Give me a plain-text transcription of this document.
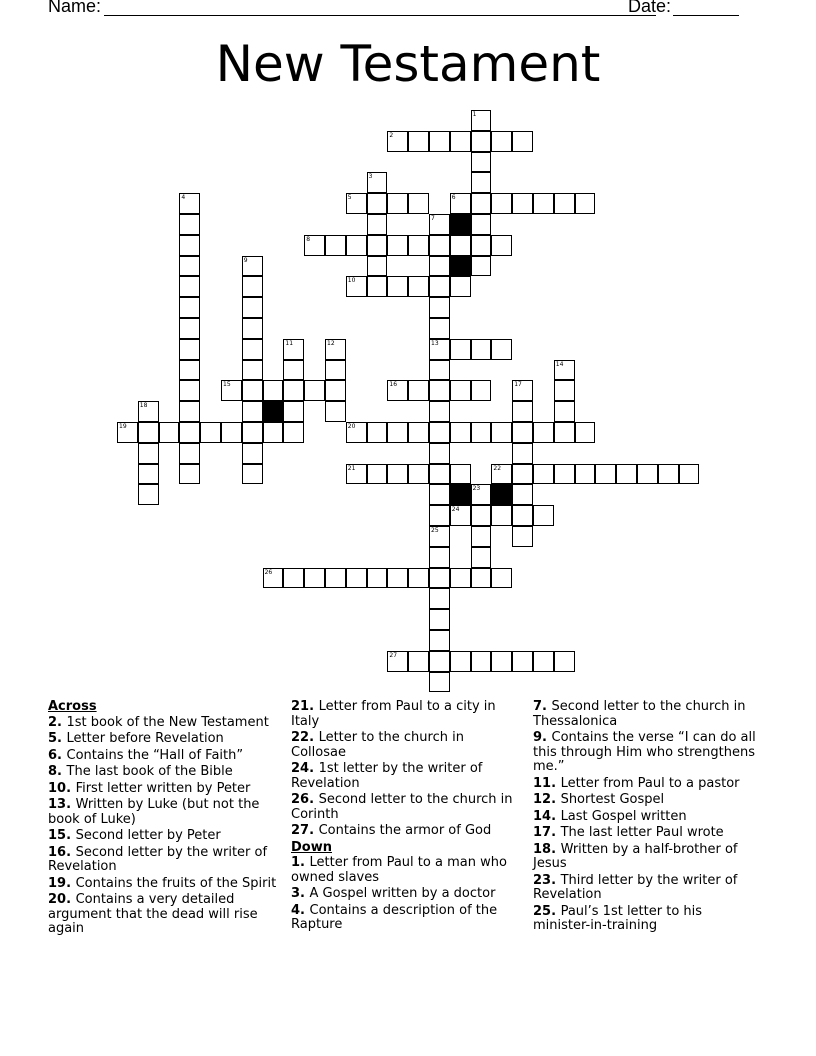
Name:	Date:
New Testament
2
5	6
8
10
13
15	16
19	20
21	22
24
26
27
1
3
4
7
25
9
11	12
14
17
18
23
Across
2. 1st book of the New Testament
5. Letter before Revelation
6. Contains the “Hall of Faith”
8. The last book of the Bible
10. First letter written by Peter
13. Written by Luke (but not the book of Luke)
15. Second letter by Peter
16. Second letter by the writer of Revelation
19. Contains the fruits of the Spirit
20. Contains a very detailed argument that the dead will rise again
21. Letter from Paul to a city in Italy
22. Letter to the church in Collosae
24. 1st letter by the writer of Revelation
26. Second letter to the church in Corinth
27. Contains the armor of God
Down
1. Letter from Paul to a man who owned slaves
3. A Gospel written by a doctor
4. Contains a description of the Rapture
7. Second letter to the church in Thessalonica
9. Contains the verse “I can do all this through Him who strengthens me.”
11. Letter from Paul to a pastor
12. Shortest Gospel
14. Last Gospel written
17. The last letter Paul wrote
18. Written by a half-brother of Jesus
23. Third letter by the writer of Revelation
25. Paul’s 1st letter to his minister-in-training
